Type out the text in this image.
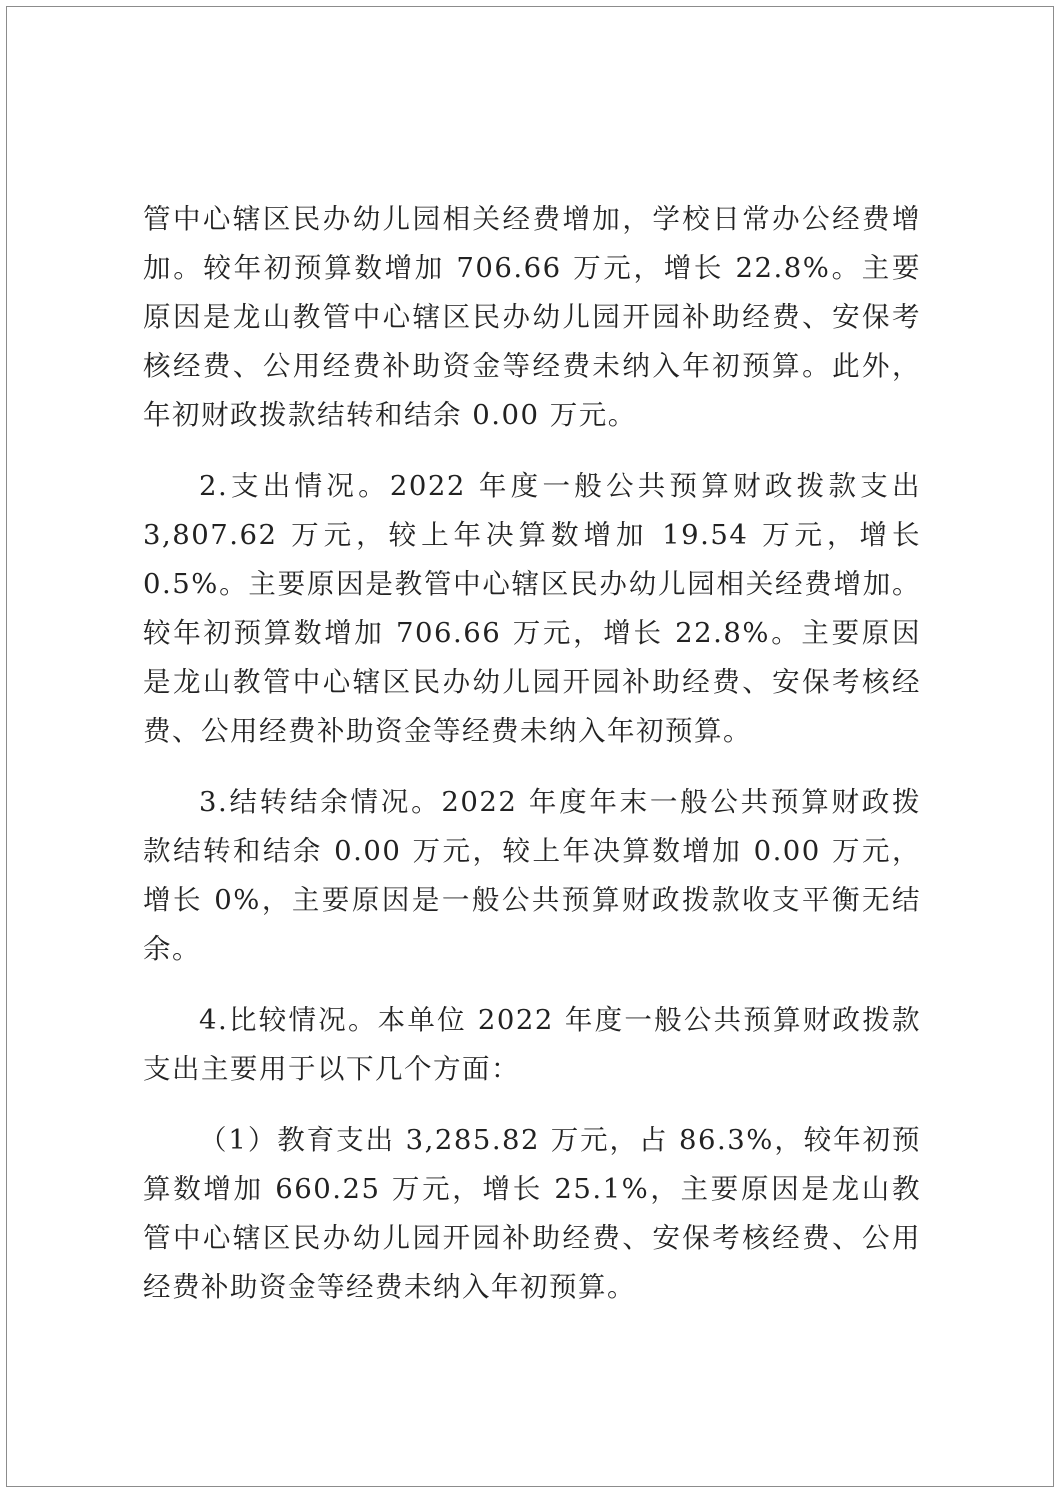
管中心辖区民办幼儿园相关经费增加，学校日常办公经费增加。较年初预算数增加 706.66 万元，增长 22.8%。主要原因是龙山教管中心辖区民办幼儿园开园补助经费、安保考核经费、公用经费补助资金等经费未纳入年初预算。此外，年初财政拨款结转和结余 0.00 万元。

2.支出情况。2022 年度一般公共预算财政拨款支出 3,807.62 万元，较上年决算数增加 19.54 万元，增长 0.5%。主要原因是教管中心辖区民办幼儿园相关经费增加。较年初预算数增加 706.66 万元，增长 22.8%。主要原因是龙山教管中心辖区民办幼儿园开园补助经费、安保考核经费、公用经费补助资金等经费未纳入年初预算。

3.结转结余情况。2022 年度年末一般公共预算财政拨款结转和结余 0.00 万元，较上年决算数增加 0.00 万元，增长 0%，主要原因是一般公共预算财政拨款收支平衡无结余。

4.比较情况。本单位 2022 年度一般公共预算财政拨款支出主要用于以下几个方面：

（1）教育支出 3,285.82 万元，占 86.3%，较年初预算数增加 660.25 万元，增长 25.1%，主要原因是龙山教管中心辖区民办幼儿园开园补助经费、安保考核经费、公用经费补助资金等经费未纳入年初预算。
